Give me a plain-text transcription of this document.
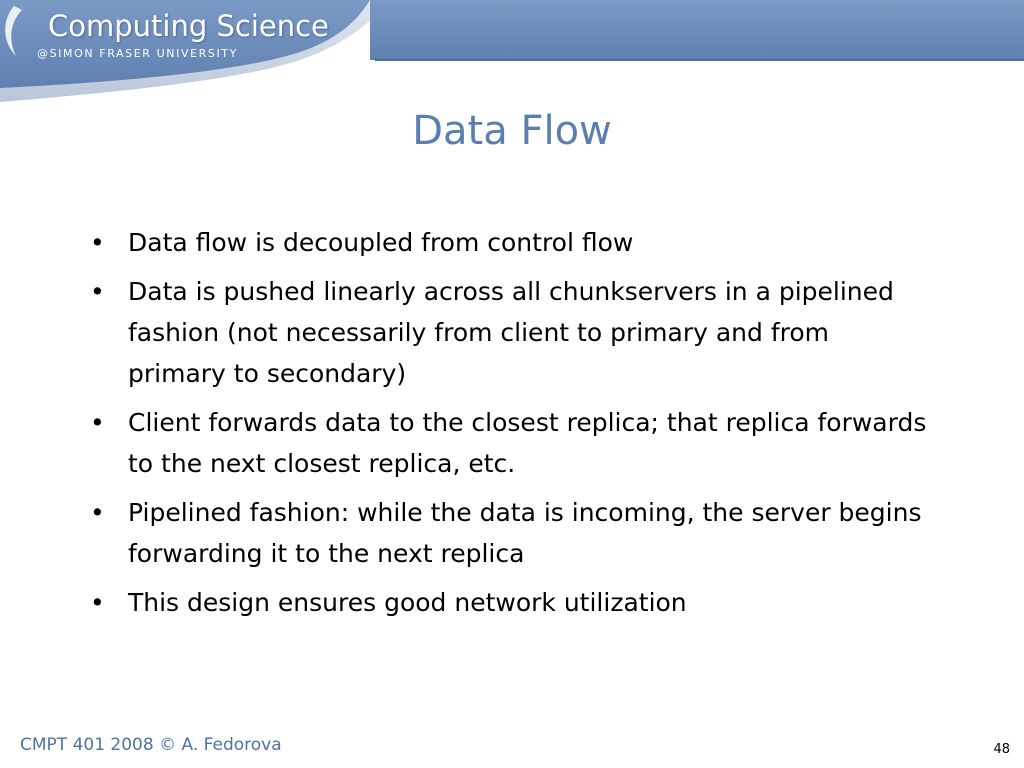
Computing Science
@SIMON FRASER UNIVERSITY
Data Flow
• Data flow is decoupled from control flow
• Data is pushed linearly across all chunkservers in a pipelined fashion (not necessarily from client to primary and from primary to secondary)
• Client forwards data to the closest replica; that replica forwards to the next closest replica, etc.
• Pipelined fashion: while the data is incoming, the server begins forwarding it to the next replica
• This design ensures good network utilization
CMPT 401 2008 © A. Fedorova	48
